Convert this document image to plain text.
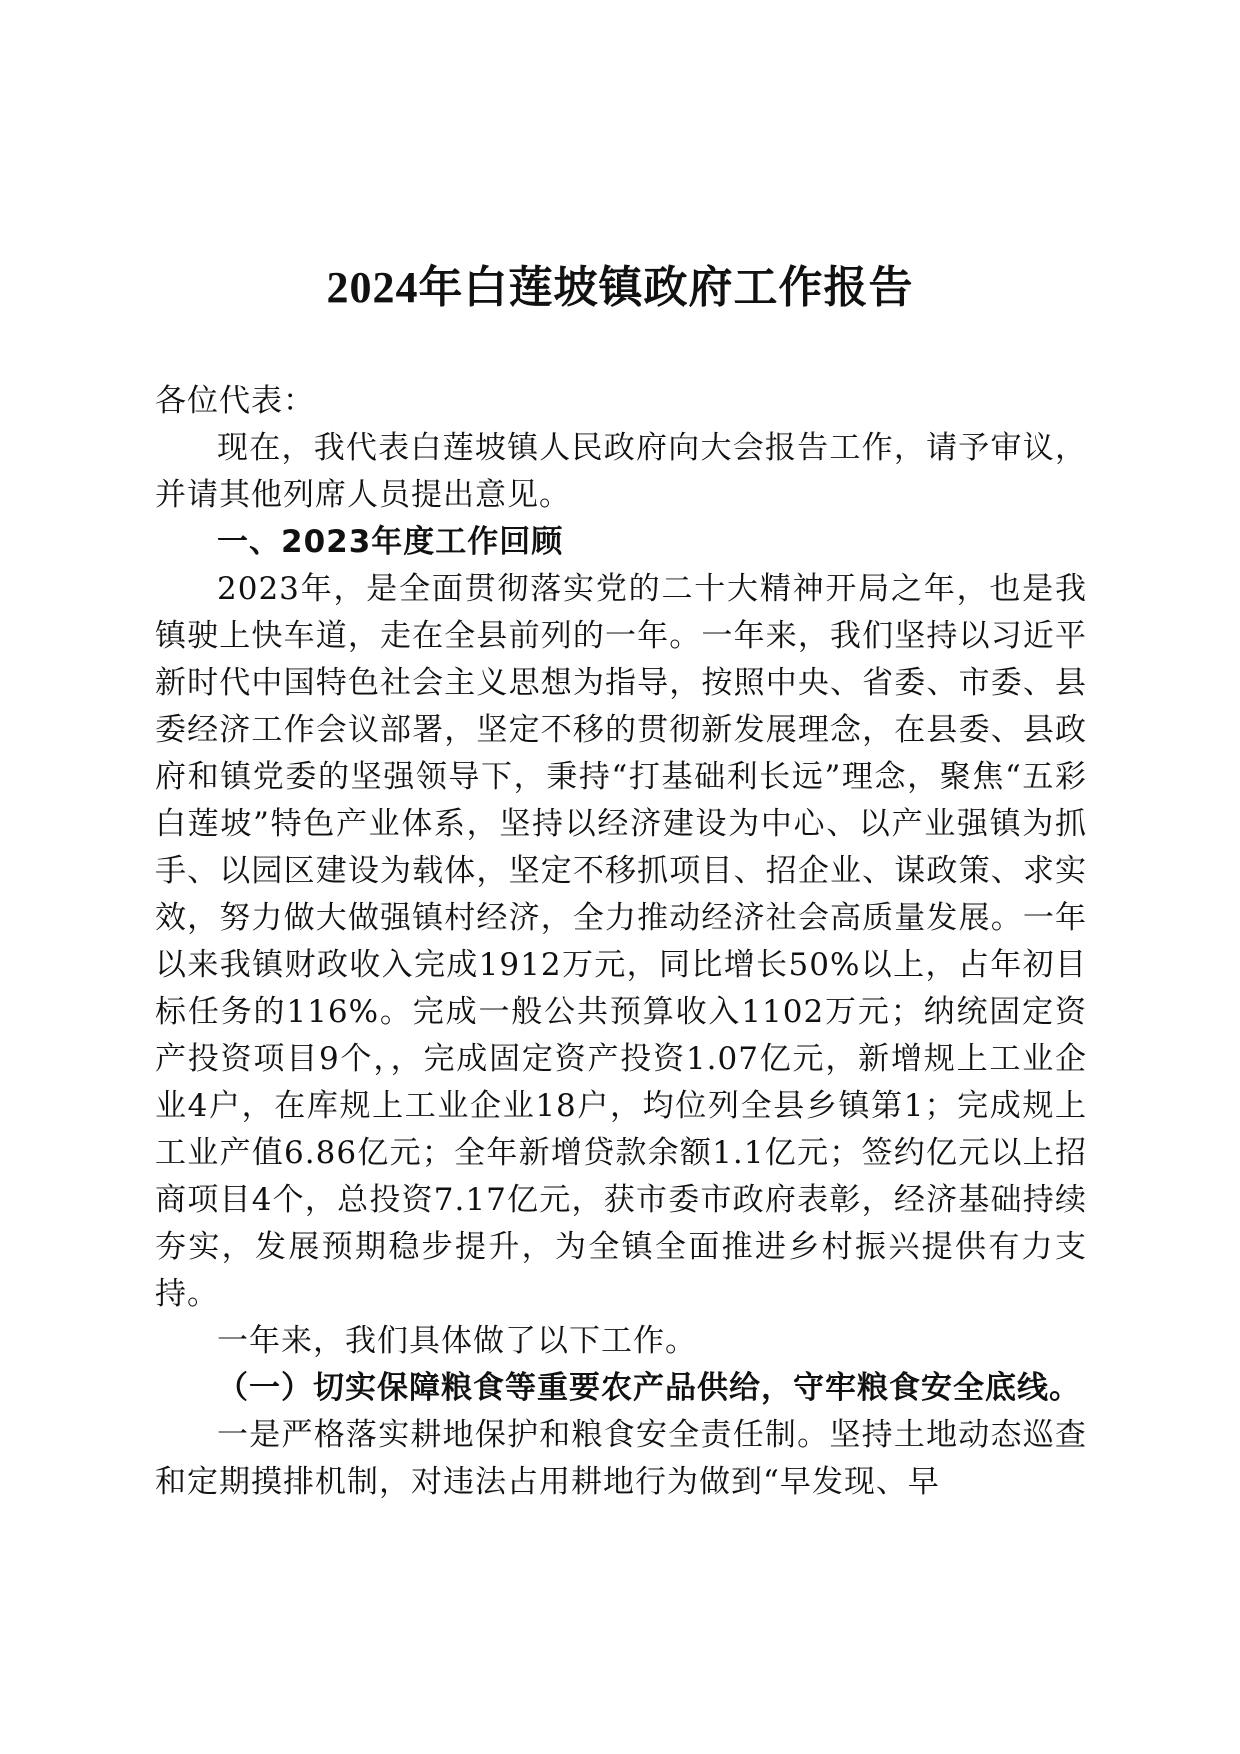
2024年白莲坡镇政府工作报告

各位代表：

现在，我代表白莲坡镇人民政府向大会报告工作，请予审议，并请其他列席人员提出意见。

一、2023年度工作回顾

2023年，是全面贯彻落实党的二十大精神开局之年，也是我镇驶上快车道，走在全县前列的一年。一年来，我们坚持以习近平新时代中国特色社会主义思想为指导，按照中央、省委、市委、县委经济工作会议部署，坚定不移的贯彻新发展理念，在县委、县政府和镇党委的坚强领导下，秉持“打基础利长远”理念，聚焦“五彩白莲坡”特色产业体系，坚持以经济建设为中心、以产业强镇为抓手、以园区建设为载体，坚定不移抓项目、招企业、谋政策、求实效，努力做大做强镇村经济，全力推动经济社会高质量发展。一年以来我镇财政收入完成1912万元，同比增长50%以上，占年初目标任务的116%。完成一般公共预算收入1102万元；纳统固定资产投资项目9个，，完成固定资产投资1.07亿元，新增规上工业企业4户，在库规上工业企业18户，均位列全县乡镇第1；完成规上工业产值6.86亿元；全年新增贷款余额1.1亿元；签约亿元以上招商项目4个，总投资7.17亿元，获市委市政府表彰，经济基础持续夯实，发展预期稳步提升，为全镇全面推进乡村振兴提供有力支持。

一年来，我们具体做了以下工作。

（一）切实保障粮食等重要农产品供给，守牢粮食安全底线。

一是严格落实耕地保护和粮食安全责任制。坚持土地动态巡查和定期摸排机制，对违法占用耕地行为做到“早发现、早
